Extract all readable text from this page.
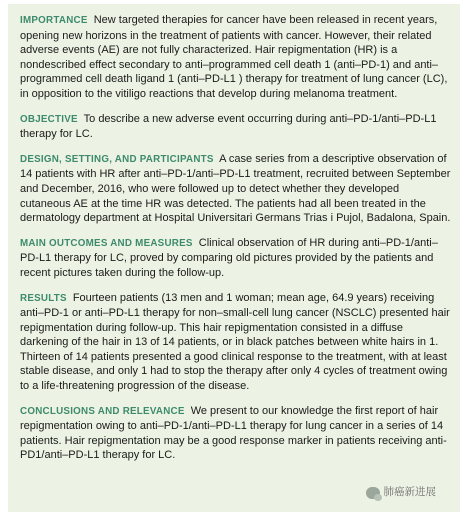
IMPORTANCE New targeted therapies for cancer have been released in recent years, opening new horizons in the treatment of patients with cancer. However, their related adverse events (AE) are not fully characterized. Hair repigmentation (HR) is a nondescribed effect secondary to anti–programmed cell death 1 (anti–PD-1) and anti–programmed cell death ligand 1 (anti–PD-L1 ) therapy for treatment of lung cancer (LC), in opposition to the vitiligo reactions that develop during melanoma treatment.

OBJECTIVE To describe a new adverse event occurring during anti–PD-1/anti–PD-L1 therapy for LC.

DESIGN, SETTING, AND PARTICIPANTS A case series from a descriptive observation of 14 patients with HR after anti–PD-1/anti–PD-L1 treatment, recruited between September and December, 2016, who were followed up to detect whether they developed cutaneous AE at the time HR was detected. The patients had all been treated in the dermatology department at Hospital Universitari Germans Trias i Pujol, Badalona, Spain.

MAIN OUTCOMES AND MEASURES Clinical observation of HR during anti–PD-1/anti–PD-L1 therapy for LC, proved by comparing old pictures provided by the patients and recent pictures taken during the follow-up.

RESULTS Fourteen patients (13 men and 1 woman; mean age, 64.9 years) receiving anti–PD-1 or anti–PD-L1 therapy for non–small-cell lung cancer (NSCLC) presented hair repigmentation during follow-up. This hair repigmentation consisted in a diffuse darkening of the hair in 13 of 14 patients, or in black patches between white hairs in 1. Thirteen of 14 patients presented a good clinical response to the treatment, with at least stable disease, and only 1 had to stop the therapy after only 4 cycles of treatment owing to a life-threatening progression of the disease.

CONCLUSIONS AND RELEVANCE We present to our knowledge the first report of hair repigmentation owing to anti–PD-1/anti–PD-L1 therapy for lung cancer in a series of 14 patients. Hair repigmentation may be a good response marker in patients receiving anti-PD1/anti–PD-L1 therapy for LC.

肺癌新进展
